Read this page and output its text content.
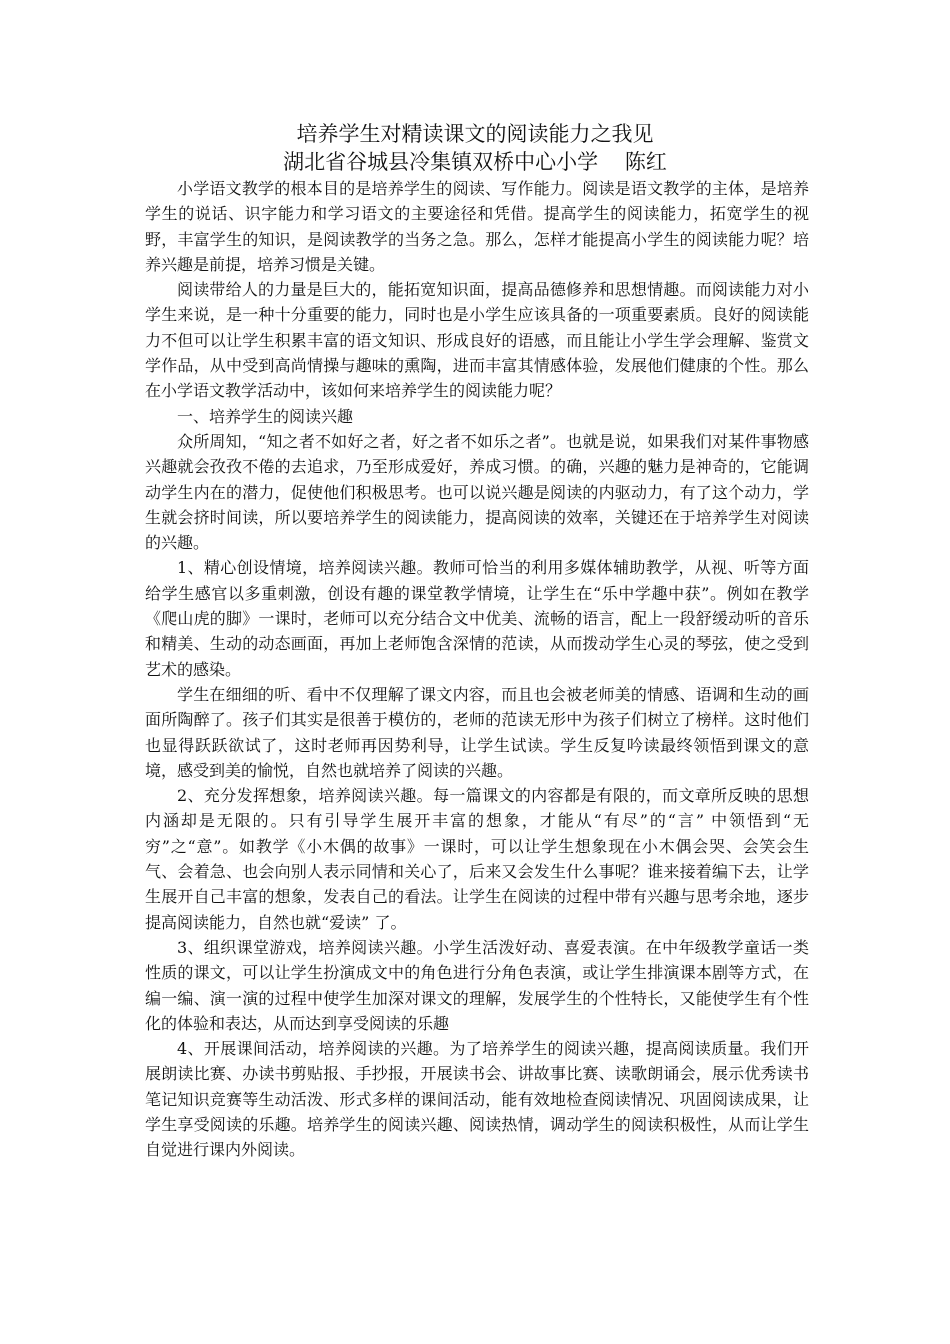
培养学生对精读课文的阅读能力之我见
湖北省谷城县冷集镇双桥中心小学    陈红

小学语文教学的根本目的是培养学生的阅读、写作能力。阅读是语文教学的主体，是培养学生的说话、识字能力和学习语文的主要途径和凭借。提高学生的阅读能力，拓宽学生的视野，丰富学生的知识，是阅读教学的当务之急。那么，怎样才能提高小学生的阅读能力呢？培养兴趣是前提，培养习惯是关键。

阅读带给人的力量是巨大的，能拓宽知识面，提高品德修养和思想情趣。而阅读能力对小学生来说，是一种十分重要的能力，同时也是小学生应该具备的一项重要素质。良好的阅读能力不但可以让学生积累丰富的语文知识、形成良好的语感，而且能让小学生学会理解、鉴赏文学作品，从中受到高尚情操与趣味的熏陶，进而丰富其情感体验，发展他们健康的个性。那么在小学语文教学活动中，该如何来培养学生的阅读能力呢？

一、培养学生的阅读兴趣

众所周知，“知之者不如好之者，好之者不如乐之者”。也就是说，如果我们对某件事物感兴趣就会孜孜不倦的去追求，乃至形成爱好，养成习惯。的确，兴趣的魅力是神奇的，它能调动学生内在的潜力，促使他们积极思考。也可以说兴趣是阅读的内驱动力，有了这个动力，学生就会挤时间读，所以要培养学生的阅读能力，提高阅读的效率，关键还在于培养学生对阅读的兴趣。

1、精心创设情境，培养阅读兴趣。教师可恰当的利用多媒体辅助教学，从视、听等方面给学生感官以多重刺激，创设有趣的课堂教学情境，让学生在“乐中学趣中获”。例如在教学《爬山虎的脚》一课时，老师可以充分结合文中优美、流畅的语言，配上一段舒缓动听的音乐和精美、生动的动态画面，再加上老师饱含深情的范读，从而拨动学生心灵的琴弦，使之受到艺术的感染。

学生在细细的听、看中不仅理解了课文内容，而且也会被老师美的情感、语调和生动的画面所陶醉了。孩子们其实是很善于模仿的，老师的范读无形中为孩子们树立了榜样。这时他们也显得跃跃欲试了，这时老师再因势利导，让学生试读。学生反复吟读最终领悟到课文的意境，感受到美的愉悦，自然也就培养了阅读的兴趣。

2、充分发挥想象，培养阅读兴趣。每一篇课文的内容都是有限的，而文章所反映的思想内涵却是无限的。只有引导学生展开丰富的想象，才能从“有尽”的“言” 中领悟到“无穷”之“意”。如教学《小木偶的故事》一课时，可以让学生想象现在小木偶会哭、会笑会生气、会着急、也会向别人表示同情和关心了，后来又会发生什么事呢？谁来接着编下去，让学生展开自己丰富的想象，发表自己的看法。让学生在阅读的过程中带有兴趣与思考余地，逐步提高阅读能力，自然也就“爱读” 了。

3、组织课堂游戏，培养阅读兴趣。小学生活泼好动、喜爱表演。在中年级教学童话一类性质的课文，可以让学生扮演成文中的角色进行分角色表演，或让学生排演课本剧等方式，在编一编、演一演的过程中使学生加深对课文的理解，发展学生的个性特长，又能使学生有个性化的体验和表达，从而达到享受阅读的乐趣

4、开展课间活动，培养阅读的兴趣。为了培养学生的阅读兴趣，提高阅读质量。我们开展朗读比赛、办读书剪贴报、手抄报，开展读书会、讲故事比赛、读歌朗诵会，展示优秀读书笔记知识竞赛等生动活泼、形式多样的课间活动，能有效地检查阅读情况、巩固阅读成果，让学生享受阅读的乐趣。培养学生的阅读兴趣、阅读热情，调动学生的阅读积极性，从而让学生自觉进行课内外阅读。
